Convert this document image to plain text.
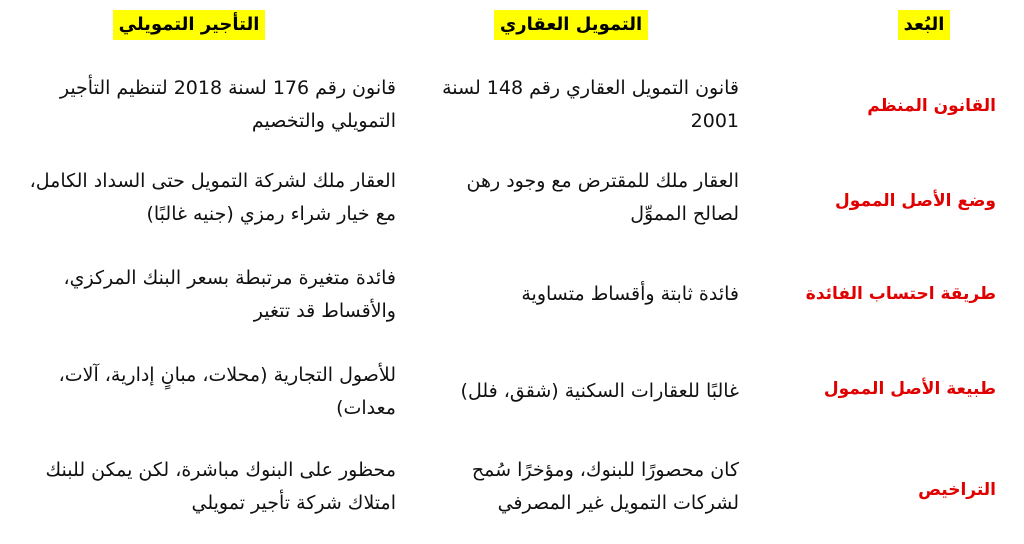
البُعد
التمويل العقاري
التأجير التمويلي
القانون المنظم
قانون التمويل العقاري رقم 148 لسنة 2001
قانون رقم 176 لسنة 2018 لتنظيم التأجير التمويلي والتخصيم
وضع الأصل الممول
العقار ملك للمقترض مع وجود رهن لصالح المموِّل
العقار ملك لشركة التمويل حتى السداد الكامل، مع خيار شراء رمزي (جنيه غالبًا)
طريقة احتساب الفائدة
فائدة ثابتة وأقساط متساوية
فائدة متغيرة مرتبطة بسعر البنك المركزي، والأقساط قد تتغير
طبيعة الأصل الممول
غالبًا للعقارات السكنية (شقق، فلل)
للأصول التجارية (محلات، مبانٍ إدارية، آلات، معدات)
التراخيص
كان محصورًا للبنوك، ومؤخرًا سُمح لشركات التمويل غير المصرفي
محظور على البنوك مباشرة، لكن يمكن للبنك امتلاك شركة تأجير تمويلي
